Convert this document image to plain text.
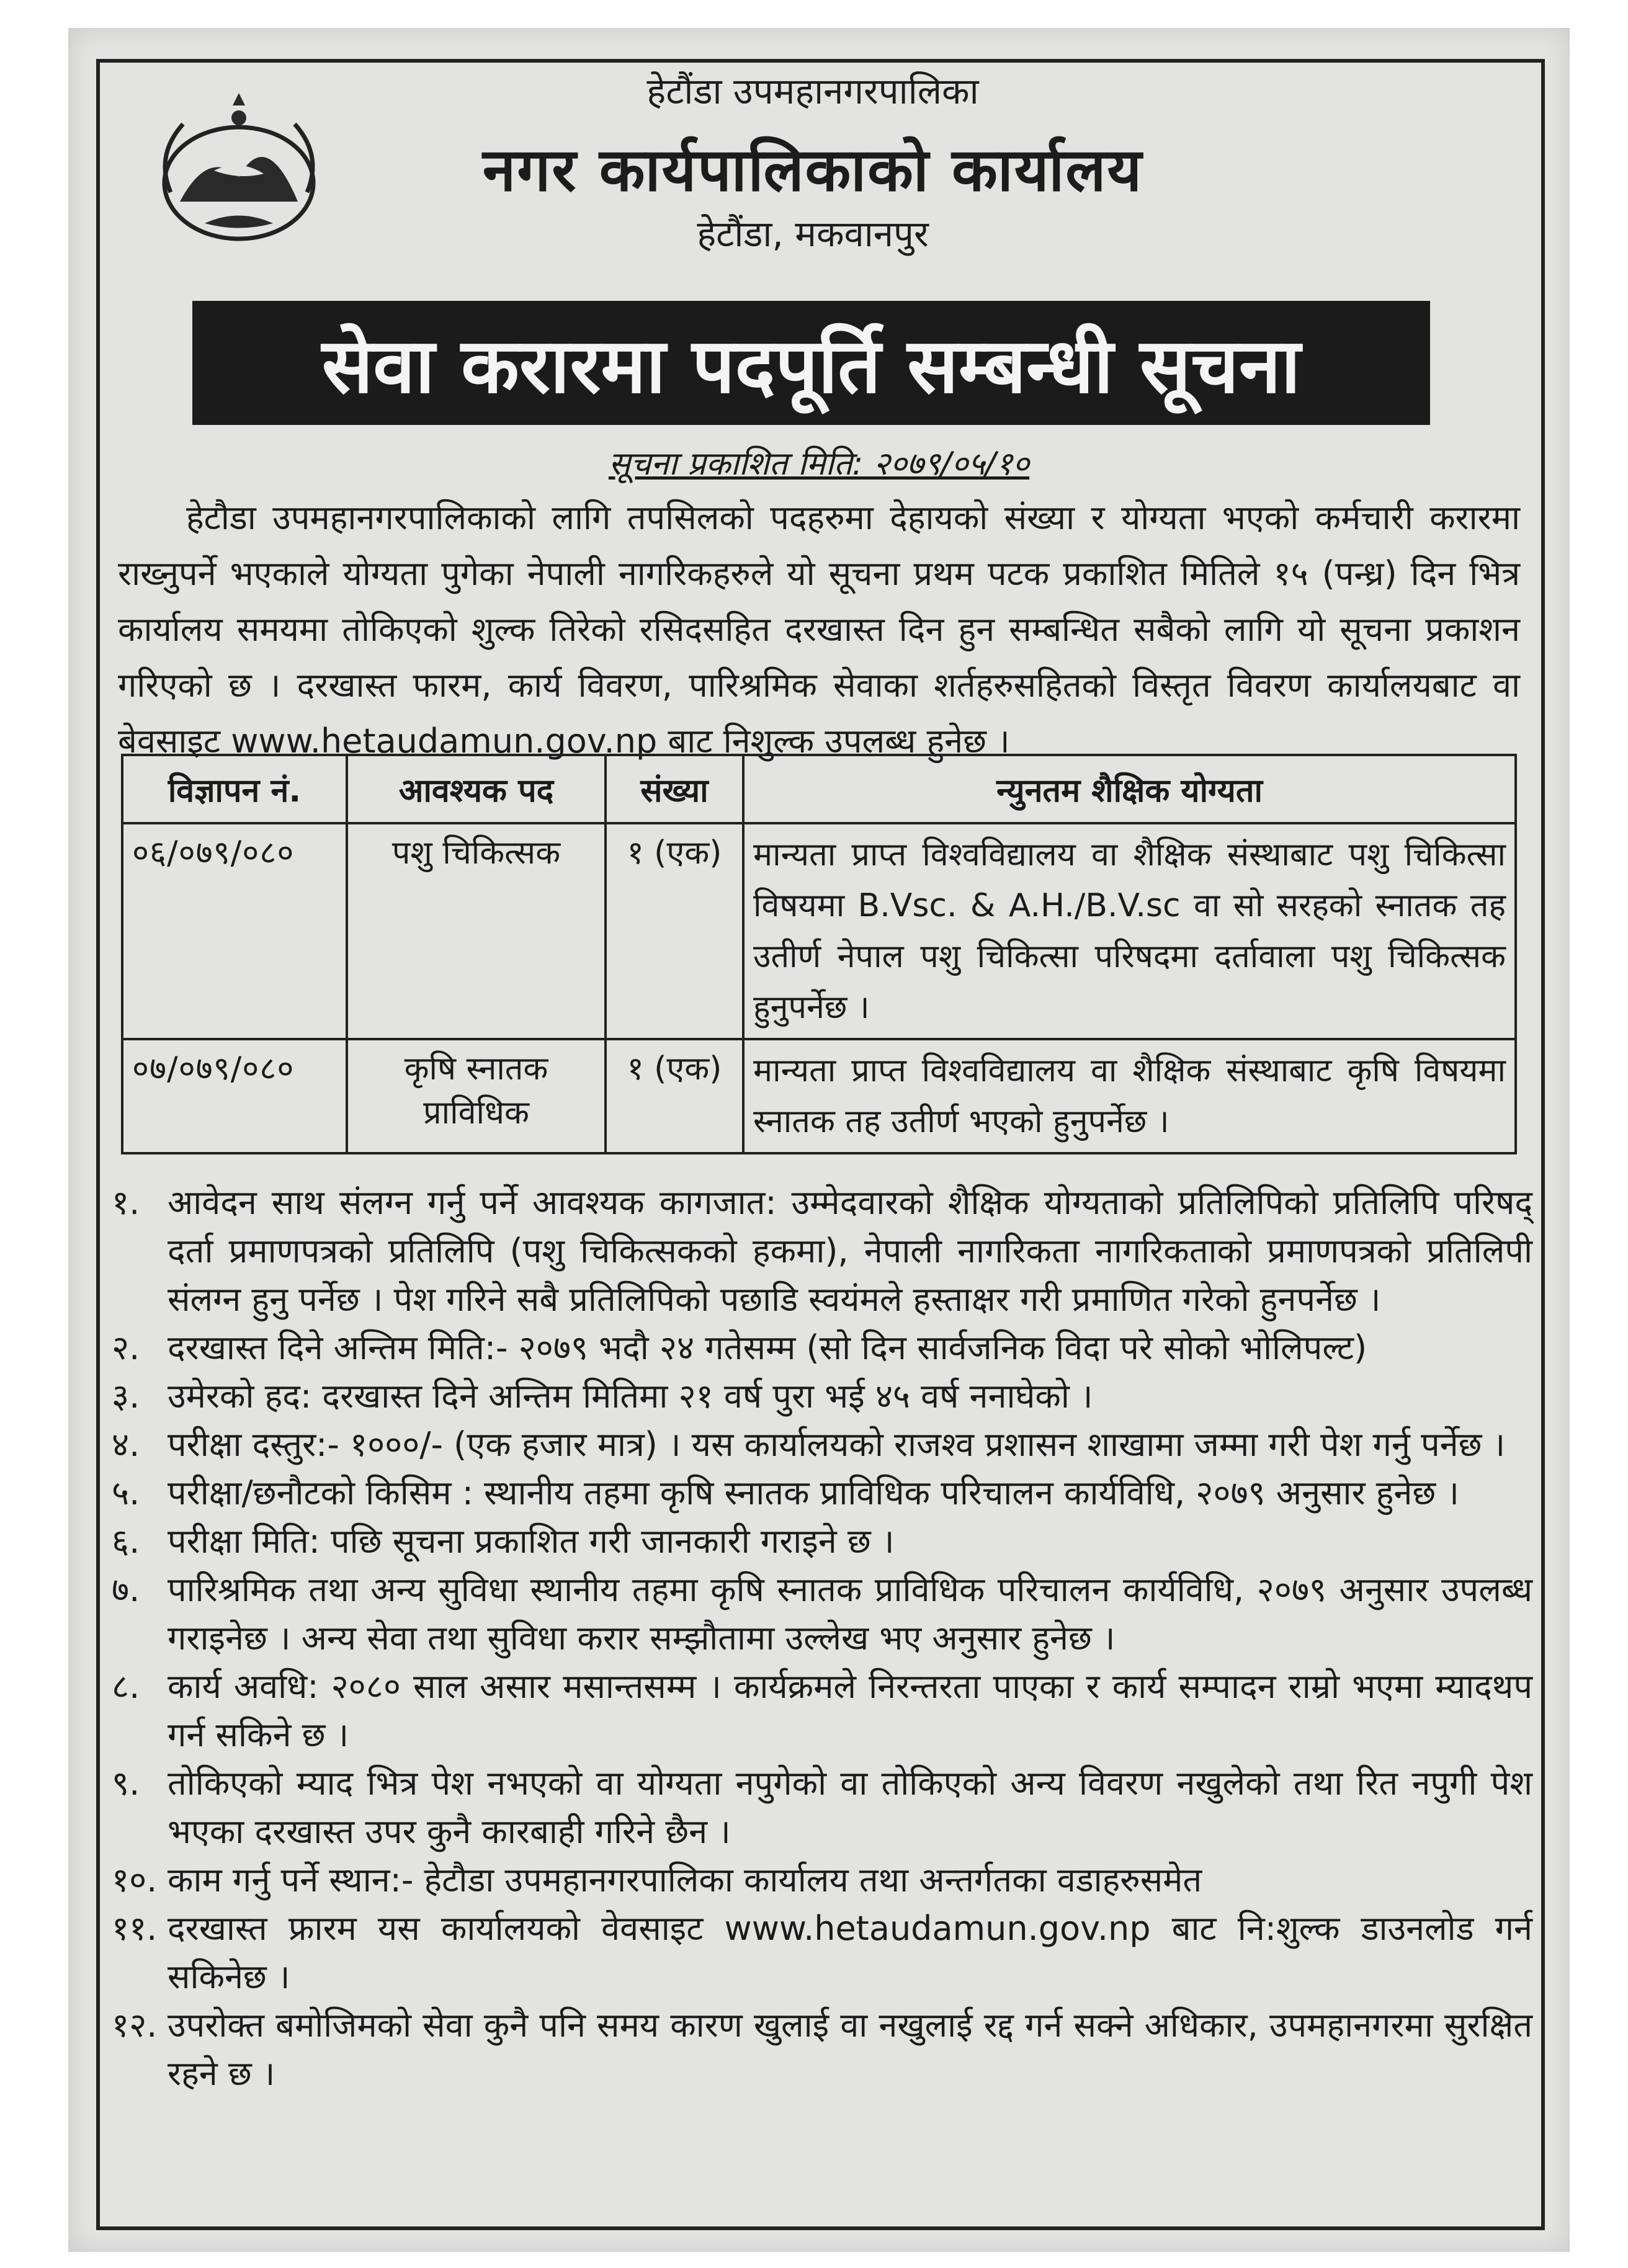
हेटौंडा उपमहानगरपालिका
नगर कार्यपालिकाको कार्यालय
हेटौंडा, मकवानपुर
सेवा करारमा पदपूर्ति सम्बन्धी सूचना
सूचना प्रकाशित मिति: २०७९/०५/१०
हेटौडा उपमहानगरपालिकाको लागि तपसिलको पदहरुमा देहायको संख्या र योग्यता भएको कर्मचारी करारमा राख्नुपर्ने भएकाले योग्यता पुगेका नेपाली नागरिकहरुले यो सूचना प्रथम पटक प्रकाशित मितिले १५ (पन्ध्र) दिन भित्र कार्यालय समयमा तोकिएको शुल्क तिरेको रसिदसहित दरखास्त दिन हुन सम्बन्धित सबैको लागि यो सूचना प्रकाशन गरिएको छ । दरखास्त फारम, कार्य विवरण, पारिश्रमिक सेवाका शर्तहरुसहितको विस्तृत विवरण कार्यालयबाट वा बेवसाइट www.hetaudamun.gov.np बाट निशुल्क उपलब्ध हुनेछ ।
विज्ञापन नं.	आवश्यक पद	संख्या	न्युनतम शैक्षिक योग्यता
०६/०७९/०८०	पशु चिकित्सक	१ (एक)	मान्यता प्राप्त विश्वविद्यालय वा शैक्षिक संस्थाबाट पशु चिकित्सा विषयमा B.Vsc. & A.H./B.V.sc वा सो सरहको स्नातक तह उतीर्ण नेपाल पशु चिकित्सा परिषदमा दर्तावाला पशु चिकित्सक हुनुपर्नेछ ।
०७/०७९/०८०	कृषि स्नातक प्राविधिक	१ (एक)	मान्यता प्राप्त विश्वविद्यालय वा शैक्षिक संस्थाबाट कृषि विषयमा स्नातक तह उतीर्ण भएको हुनुपर्नेछ ।
१. आवेदन साथ संलग्न गर्नु पर्ने आवश्यक कागजात: उम्मेदवारको शैक्षिक योग्यताको प्रतिलिपिको प्रतिलिपि परिषद् दर्ता प्रमाणपत्रको प्रतिलिपि (पशु चिकित्सकको हकमा), नेपाली नागरिकता नागरिकताको प्रमाणपत्रको प्रतिलिपी संलग्न हुनु पर्नेछ । पेश गरिने सबै प्रतिलिपिको पछाडि स्वयंमले हस्ताक्षर गरी प्रमाणित गरेको हुनपर्नेछ ।
२. दरखास्त दिने अन्तिम मिति:- २०७९ भदौ २४ गतेसम्म (सो दिन सार्वजनिक विदा परे सोको भोलिपल्ट)
३. उमेरको हद: दरखास्त दिने अन्तिम मितिमा २१ वर्ष पुरा भई ४५ वर्ष ननाघेको ।
४. परीक्षा दस्तुर:- १०००/- (एक हजार मात्र) । यस कार्यालयको राजश्व प्रशासन शाखामा जम्मा गरी पेश गर्नु पर्नेछ ।
५. परीक्षा/छनौटको किसिम : स्थानीय तहमा कृषि स्नातक प्राविधिक परिचालन कार्यविधि, २०७९ अनुसार हुनेछ ।
६. परीक्षा मिति: पछि सूचना प्रकाशित गरी जानकारी गराइने छ ।
७. पारिश्रमिक तथा अन्य सुविधा स्थानीय तहमा कृषि स्नातक प्राविधिक परिचालन कार्यविधि, २०७९ अनुसार उपलब्ध गराइनेछ । अन्य सेवा तथा सुविधा करार सम्झौतामा उल्लेख भए अनुसार हुनेछ ।
८. कार्य अवधि: २०८० साल असार मसान्तसम्म । कार्यक्रमले निरन्तरता पाएका र कार्य सम्पादन राम्रो भएमा म्यादथप गर्न सकिने छ ।
९. तोकिएको म्याद भित्र पेश नभएको वा योग्यता नपुगेको वा तोकिएको अन्य विवरण नखुलेको तथा रित नपुगी पेश भएका दरखास्त उपर कुनै कारबाही गरिने छैन ।
१०. काम गर्नु पर्ने स्थान:- हेटौडा उपमहानगरपालिका कार्यालय तथा अन्तर्गतका वडाहरुसमेत
११. दरखास्त फ्रारम यस कार्यालयको वेवसाइट www.hetaudamun.gov.np बाट नि:शुल्क डाउनलोड गर्न सकिनेछ ।
१२. उपरोक्त बमोजिमको सेवा कुनै पनि समय कारण खुलाई वा नखुलाई रद्द गर्न सक्ने अधिकार, उपमहानगरमा सुरक्षित रहने छ ।
